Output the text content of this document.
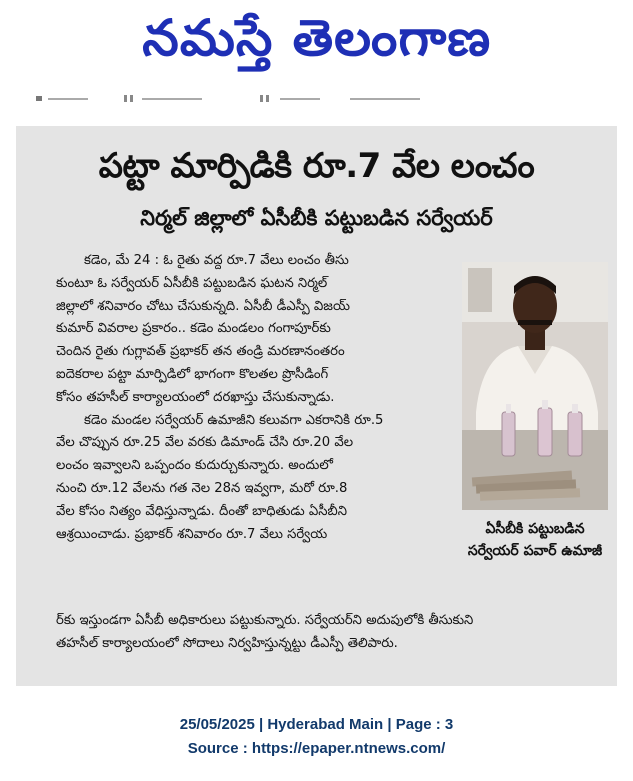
నమస్తే తెలంగాణ
పట్టా మార్పిడికి రూ.7 వేల లంచం
నిర్మల్ జిల్లాలో ఏసీబీకి పట్టుబడిన సర్వేయర్
కడెం, మే 24 : ఓ రైతు వద్ద రూ.7 వేలు లంచం తీసు
కుంటూ ఓ సర్వేయర్ ఏసీబీకి పట్టుబడిన ఘటన నిర్మల్
జిల్లాలో శనివారం చోటు చేసుకున్నది. ఏసీబీ డీఎస్పీ విజయ్
కుమార్ వివరాల ప్రకారం.. కడెం మండలం గంగాపూర్‌కు
చెందిన రైతు గుగ్లావత్ ప్రభాకర్ తన తండ్రి మరణానంతరం
ఐదెకరాల పట్టా మార్పిడిలో భాగంగా కొలతల ప్రొసీడింగ్
కోసం తహసీల్ కార్యాలయంలో దరఖాస్తు చేసుకున్నాడు.
కడెం మండల సర్వేయర్ ఉమాజీని కలువగా ఎకరానికి రూ.5
వేల చొప్పున రూ.25 వేల వరకు డిమాండ్ చేసి రూ.20 వేల
లంచం ఇవ్వాలని ఒప్పందం కుదుర్చుకున్నారు. అందులో
నుంచి రూ.12 వేలను గత నెల 28న ఇవ్వగా, మరో రూ.8
వేల కోసం నిత్యం వేధిస్తున్నాడు. దీంతో బాధితుడు ఏసీబీని
ఆశ్రయించాడు. ప్రభాకర్ శనివారం రూ.7 వేలు సర్వేయ
ర్‌కు ఇస్తుండగా ఏసీబీ అధికారులు పట్టుకున్నారు. సర్వేయర్‌ని అదుపులోకి తీసుకుని
తహసీల్ కార్యాలయంలో సోదాలు నిర్వహిస్తున్నట్టు డీఎస్పీ తెలిపారు.
ఏసీబీకి పట్టుబడిన
సర్వేయర్ పవార్ ఉమాజీ
25/05/2025 | Hyderabad Main | Page : 3
Source : https://epaper.ntnews.com/
